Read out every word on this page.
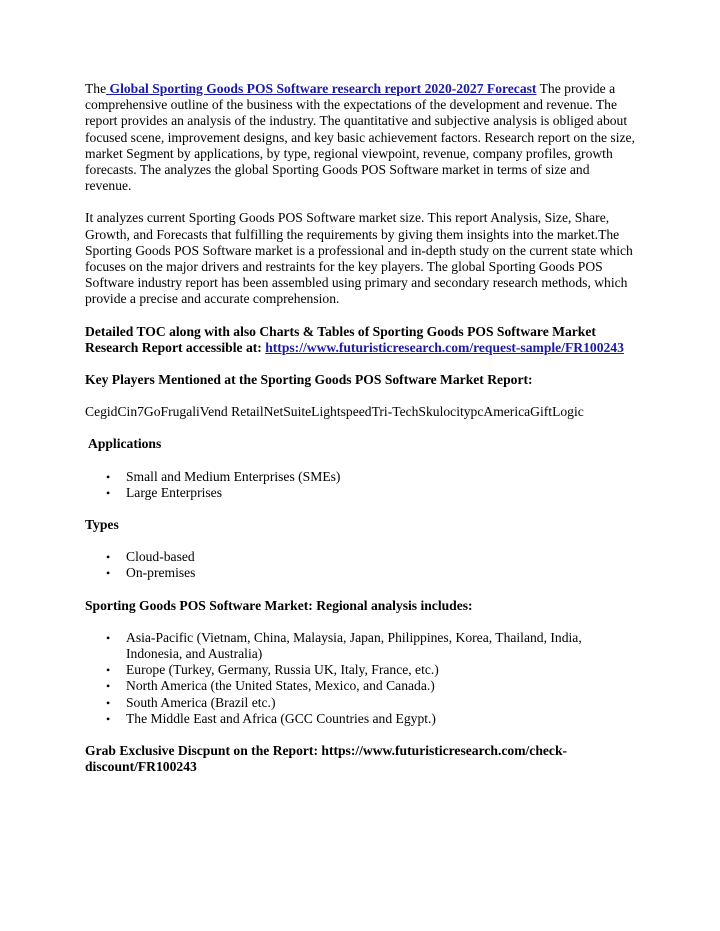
The Global Sporting Goods POS Software research report 2020-2027 Forecast The provide a comprehensive outline of the business with the expectations of the development and revenue. The report provides an analysis of the industry. The quantitative and subjective analysis is obliged about focused scene, improvement designs, and key basic achievement factors. Research report on the size, market Segment by applications, by type, regional viewpoint, revenue, company profiles, growth forecasts. The analyzes the global Sporting Goods POS Software market in terms of size and revenue.

It analyzes current Sporting Goods POS Software market size. This report Analysis, Size, Share, Growth, and Forecasts that fulfilling the requirements by giving them insights into the market.The Sporting Goods POS Software market is a professional and in-depth study on the current state which focuses on the major drivers and restraints for the key players. The global Sporting Goods POS Software industry report has been assembled using primary and secondary research methods, which provide a precise and accurate comprehension.

Detailed TOC along with also Charts & Tables of Sporting Goods POS Software Market Research Report accessible at: https://www.futuristicresearch.com/request-sample/FR100243

Key Players Mentioned at the Sporting Goods POS Software Market Report:

CegidCin7GoFrugaliVend RetailNetSuiteLightspeedTri-TechSkulocitypcAmericaGiftLogic

Applications

• Small and Medium Enterprises (SMEs)
• Large Enterprises

Types

• Cloud-based
• On-premises

Sporting Goods POS Software Market: Regional analysis includes:

• Asia-Pacific (Vietnam, China, Malaysia, Japan, Philippines, Korea, Thailand, India, Indonesia, and Australia)
• Europe (Turkey, Germany, Russia UK, Italy, France, etc.)
• North America (the United States, Mexico, and Canada.)
• South America (Brazil etc.)
• The Middle East and Africa (GCC Countries and Egypt.)

Grab Exclusive Discpunt on the Report: https://www.futuristicresearch.com/check-discount/FR100243
